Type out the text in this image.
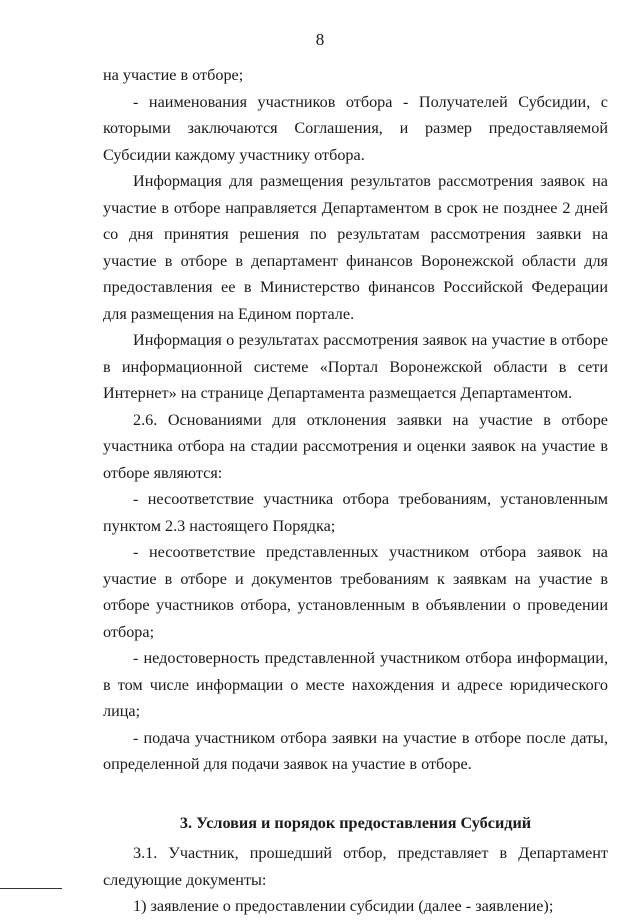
8

на участие в отборе;

- наименования участников отбора - Получателей Субсидии, с которыми заключаются Соглашения, и размер предоставляемой Субсидии каждому участнику отбора.

Информация для размещения результатов рассмотрения заявок на участие в отборе направляется Департаментом в срок не позднее 2 дней со дня принятия решения по результатам рассмотрения заявки на участие в отборе в департамент финансов Воронежской области для предоставления ее в Министерство финансов Российской Федерации для размещения на Едином портале.

Информация о результатах рассмотрения заявок на участие в отборе в информационной системе «Портал Воронежской области в сети Интернет» на странице Департамента размещается Департаментом.

2.6. Основаниями для отклонения заявки на участие в отборе участника отбора на стадии рассмотрения и оценки заявок на участие в отборе являются:

- несоответствие участника отбора требованиям, установленным пунктом 2.3 настоящего Порядка;

- несоответствие представленных участником отбора заявок на участие в отборе и документов требованиям к заявкам на участие в отборе участников отбора, установленным в объявлении о проведении отбора;

- недостоверность представленной участником отбора информации, в том числе информации о месте нахождения и адресе юридического лица;

- подача участником отбора заявки на участие в отборе после даты, определенной для подачи заявок на участие в отборе.

3. Условия и порядок предоставления Субсидий

3.1. Участник, прошедший отбор, представляет в Департамент следующие документы:

1) заявление о предоставлении субсидии (далее - заявление);
